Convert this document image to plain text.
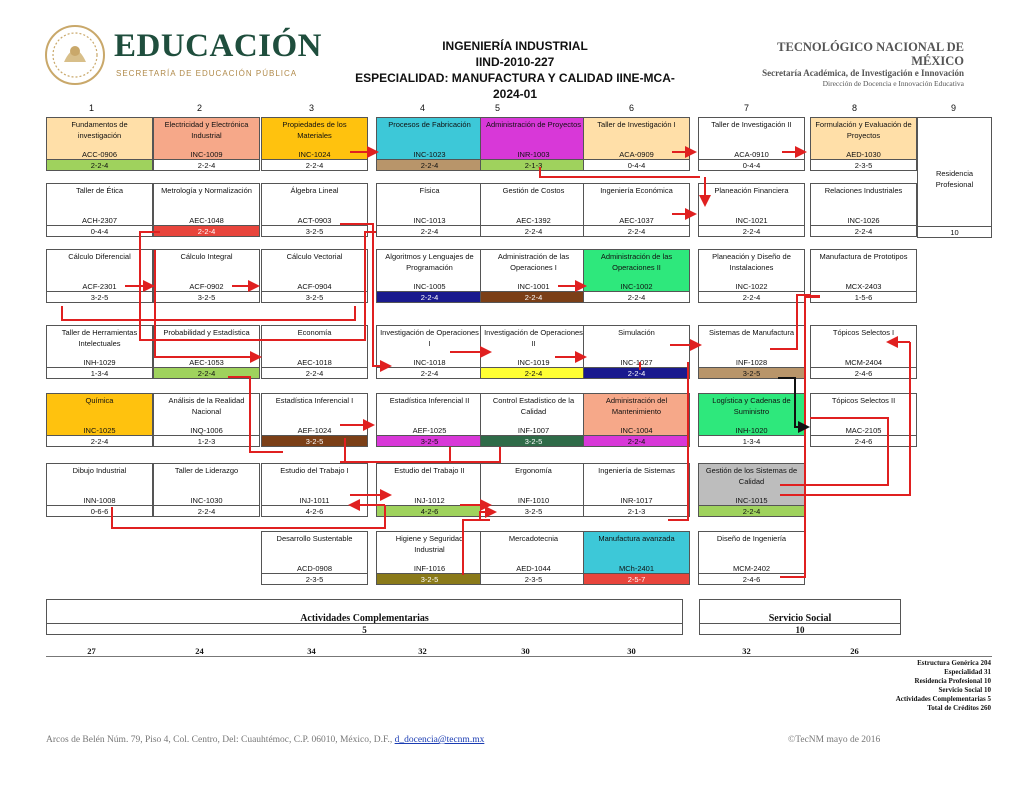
EDUCACIÓN
SECRETARÍA DE EDUCACIÓN PÚBLICA
INGENIERÍA INDUSTRIAL
IIND-2010-227
ESPECIALIDAD: MANUFACTURA Y CALIDAD IINE-MCA-
2024-01
TECNOLÓGICO NACIONAL DE
MÉXICO
Secretaría Académica, de Investigación e Innovación
Dirección de Docencia e Innovación Educativa
1	2	3	4	5	6	7	8	9
Fundamentos de investigación
ACC-0906
2-2-4
Electricidad y Electrónica Industrial
INC-1009
2-2-4
Propiedades de los Materiales
INC-1024
2-2-4
Procesos de Fabricación
INC-1023
2-2-4
Administración de Proyectos
INR-1003
2-1-3
Taller de Investigación I
ACA-0909
0-4-4
Taller de Investigación II
ACA-0910
0-4-4
Formulación y Evaluación de Proyectos
AED-1030
2-3-5
Taller de Ética
ACH-2307
0-4-4
Metrología y Normalización
AEC-1048
2-2-4
Álgebra Lineal
ACT-0903
3-2-5
Física
INC-1013
2-2-4
Gestión de Costos
AEC-1392
2-2-4
Ingeniería Económica
AEC-1037
2-2-4
Planeación Financiera
INC-1021
2-2-4
Relaciones Industriales
INC-1026
2-2-4
Cálculo Diferencial
ACF-2301
3-2-5
Cálculo Integral
ACF-0902
3-2-5
Cálculo Vectorial
ACF-0904
3-2-5
Algoritmos y Lenguajes de Programación
INC-1005
2-2-4
Administración de las Operaciones I
INC-1001
2-2-4
Administración de las Operaciones II
INC-1002
2-2-4
Planeación y Diseño de Instalaciones
INC-1022
2-2-4
Manufactura de Prototipos
MCX-2403
1-5-6
Taller de Herramientas Intelectuales
INH-1029
1-3-4
Probabilidad y Estadística
AEC-1053
2-2-4
Economía
AEC-1018
2-2-4
Investigación de Operaciones I
INC-1018
2-2-4
Investigación de Operaciones II
INC-1019
2-2-4
Simulación
INC-1027
2-2-4
Sistemas de Manufactura
INF-1028
3-2-5
Tópicos Selectos I
MCM-2404
2-4-6
Química
INC-1025
2-2-4
Análisis de la Realidad Nacional
INQ-1006
1-2-3
Estadística Inferencial I
AEF-1024
3-2-5
Estadística Inferencial II
AEF-1025
3-2-5
Control Estadístico de la Calidad
INF-1007
3-2-5
Administración del Mantenimiento
INC-1004
2-2-4
Logística y Cadenas de Suministro
INH-1020
1-3-4
Tópicos Selectos II
MAC-2105
2-4-6
Dibujo Industrial
INN-1008
0-6-6
Taller de Liderazgo
INC-1030
2-2-4
Estudio del Trabajo I
INJ-1011
4-2-6
Estudio del Trabajo II
INJ-1012
4-2-6
Ergonomía
INF-1010
3-2-5
Ingeniería de Sistemas
INR-1017
2-1-3
Gestión de los Sistemas de Calidad
INC-1015
2-2-4
Desarrollo Sustentable
ACD-0908
2-3-5
Higiene y Seguridad Industrial
INF-1016
3-2-5
Mercadotecnia
AED-1044
2-3-5
Manufactura avanzada
MCh-2401
2-5-7
Diseño de Ingeniería
MCM-2402
2-4-6
Residencia Profesional
10
Actividades Complementarias
5
Servicio Social
10
27	24	34	32	30	30	32	26
Estructura Genérica 204
Especialidad 31
Residencia Profesional 10
Servicio Social 10
Actividades Complementarias 5
Total de Créditos 260
Arcos de Belén Núm. 79, Piso 4, Col. Centro, Del: Cuauhtémoc, C.P. 06010, México, D.F., d_docencia@tecnm.mx	©TecNM mayo de 2016
